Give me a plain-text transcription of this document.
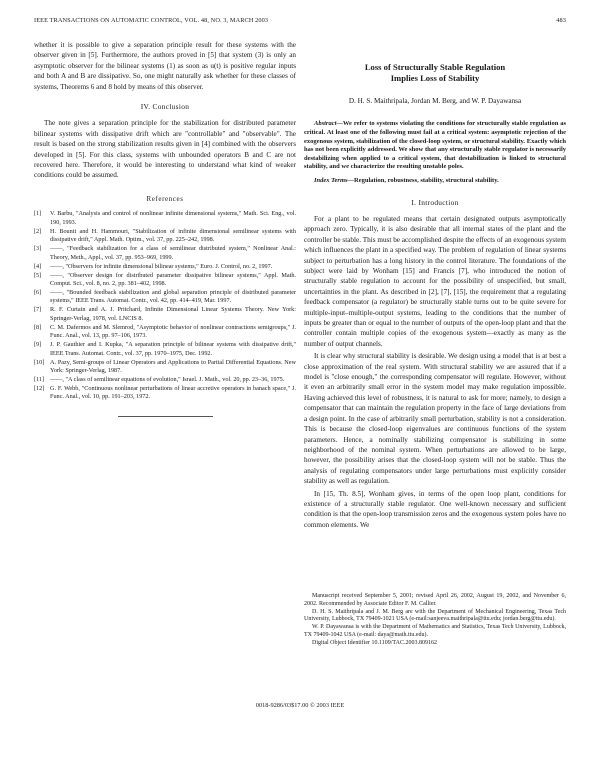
IEEE TRANSACTIONS ON AUTOMATIC CONTROL, VOL. 48, NO. 3, MARCH 2003	483

whether it is possible to give a separation principle result for these systems with the observer given in [5]. Furthermore, the authors proved in [5] that system (3) is only an asymptotic observer for the bilinear systems (1) as soon as u(t) is positive regular inputs and both A and B are dissipative. So, one might naturally ask whether for these classes of systems, Theorems 6 and 8 hold by means of this observer.

IV. Conclusion

The note gives a separation principle for the stabilization for distributed parameter bilinear systems with dissipative drift which are "controllable" and "observable". The result is based on the strong stabilization results given in [4] combined with the observers developed in [5]. For this class, systems with unbounded operators B and C are not recovered here. Therefore, it would be interesting to understand what kind of weaker conditions could be assumed.

References
[1]	V. Barbu, "Analysis and control of nonlinear infinite dimensional systems," Math. Sci. Eng., vol. 190, 1993.
[2]	H. Bounit and H. Hammouri, "Stabilization of infinite dimensional semilinear systems with dissipative drift," Appl. Math. Optim., vol. 37, pp. 225–242, 1998.
[3]	——, "Feedback stabilization for a class of semilinear distributed system," Nonlinear Anal.: Theory, Meth., Appl., vol. 37, pp. 953–969, 1999.
[4]	——, "Observers for infinite dimensional bilinear systems," Euro. J. Control, no. 2, 1997.
[5]	——, "Observer design for distributed parameter dissipative bilinear systems," Appl. Math. Comput. Sci., vol. 8, no. 2, pp. 381–402, 1998.
[6]	——, "Bounded feedback stabilization and global separation principle of distributed parameter systems," IEEE Trans. Automat. Contr., vol. 42, pp. 414–419, Mar. 1997.
[7]	R. F. Curtain and A. J. Pritchard, Infinite Dimensional Linear Systems Theory. New York: Springer-Verlag, 1978, vol. LNCIS 8.
[8]	C. M. Dafermos and M. Slemrod, "Asymptotic behavior of nonlinear contractions semigroups," J. Func. Anal., vol. 13, pp. 97–106, 1973.
[9]	J. P. Gauthier and I. Kupka, "A separation principle of bilinear systems with dissipative drift," IEEE Trans. Automat. Contr., vol. 37, pp. 1970–1975, Dec. 1992.
[10] A. Pazy, Semi-groups of Linear Operators and Applications to Partial Differential Equations. New York: Springer-Verlag, 1987.
[11] ——, "A class of semilinear equations of evolution," Israel. J. Math., vol. 20, pp. 23–36, 1975.
[12] G. F. Webb, "Continuous nonlinear perturbations of linear accretive operators in banach space," J. Func. Anal., vol. 10, pp. 191–203, 1972.
Loss of Structurally Stable Regulation
Implies Loss of Stability
D. H. S. Maithripala, Jordan M. Berg, and W. P. Dayawansa

Abstract—We refer to systems violating the conditions for structurally stable regulation as critical. At least one of the following must fail at a critical system: asymptotic rejection of the exogenous system, stabilization of the closed-loop system, or structural stability. Exactly which has not been explicitly addressed. We show that any structurally stable regulator is necessarily destabilizing when applied to a critical system, that destabilization is linked to structural stability, and we characterize the resulting unstable poles.

Index Terms—Regulation, robustness, stability, structural stability.

I. Introduction

For a plant to be regulated means that certain designated outputs asymptotically approach zero. Typically, it is also desirable that all internal states of the plant and the controller be stable. This must be accomplished despite the effects of an exogenous system which influences the plant in a specified way. The problem of regulation of linear systems subject to perturbation has a long history in the control literature. The foundations of the subject were laid by Wonham [15] and Francis [7], who introduced the notion of structurally stable regulation to account for the possibility of unspecified, but small, uncertainties in the plant. As described in [2], [7], [15], the requirement that a regulating feedback compensator (a regulator) be structurally stable turns out to be quite severe for multiple-input–multiple-output systems, leading to the conditions that the number of inputs be greater than or equal to the number of outputs of the open-loop plant and that the controller contain multiple copies of the exogenous system—exactly as many as the number of output channels.

It is clear why structural stability is desirable. We design using a model that is at best a close approximation of the real system. With structural stability we are assured that if a model is "close enough," the corresponding compensator will regulate. However, without it even an arbitrarily small error in the system model may make regulation impossible. Having achieved this level of robustness, it is natural to ask for more; namely, to design a compensator that can maintain the regulation property in the face of large deviations from a design point. In the case of arbitrarily small perturbation, stability is not a consideration. This is because the closed-loop eigenvalues are continuous functions of the system parameters. Hence, a nominally stabilizing compensator is stabilizing in some neighborhood of the nominal system. When perturbations are allowed to be large, however, the possibility arises that the closed-loop system will not be stable. Thus the analysis of regulating compensators under large perturbations must explicitly consider stability as well as regulation.

In [15, Th. 8.5], Wonham gives, in terms of the open loop plant, conditions for existence of a structurally stable regulator. One well-known necessary and sufficient condition is that the open-loop transmission zeros and the exogenous system poles have no common elements. We

Manuscript received September 5, 2001; revised April 26, 2002, August 19, 2002, and November 6, 2002. Recommended by Associate Editor F. M. Callier.

D. H. S. Maithripala and J. M. Berg are with the Department of Mechanical Engineering, Texas Tech University, Lubbock, TX 79409-1021 USA (e-mail:sanjeeva.maithripala@ttu.edu; jordan.berg@ttu.edu).

W. P. Dayawansa is with the Department of Mathematics and Statistics, Texas Tech University, Lubbock, TX 79409-1042 USA (e-mail: daya@math.ttu.edu).

Digital Object Identifier 10.1109/TAC.2003.809162

0018-9286/03$17.00 © 2003 IEEE
